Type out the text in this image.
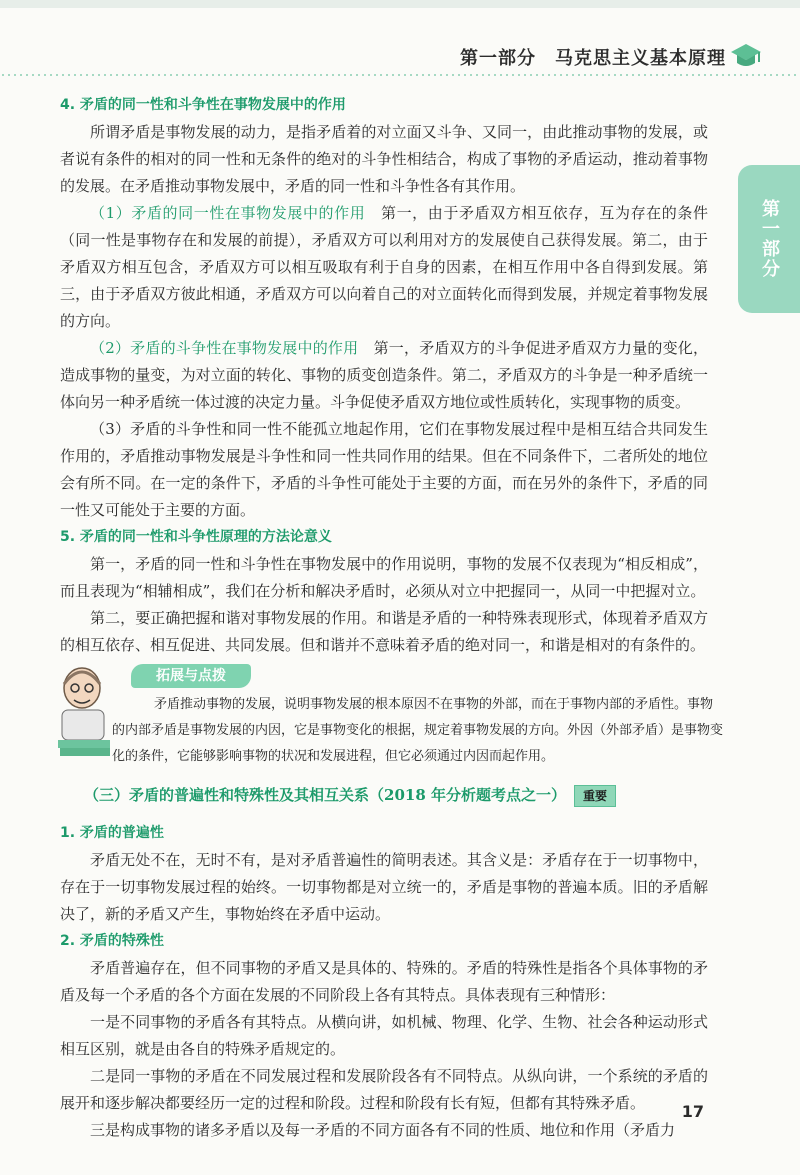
第一部分　马克思主义基本原理
第一部分
4. 矛盾的同一性和斗争性在事物发展中的作用

所谓矛盾是事物发展的动力，是指矛盾着的对立面又斗争、又同一，由此推动事物的发展，或者说有条件的相对的同一性和无条件的绝对的斗争性相结合，构成了事物的矛盾运动，推动着事物的发展。在矛盾推动事物发展中，矛盾的同一性和斗争性各有其作用。

（1）矛盾的同一性在事物发展中的作用　 第一，由于矛盾双方相互依存，互为存在的条件（同一性是事物存在和发展的前提），矛盾双方可以利用对方的发展使自己获得发展。第二，由于矛盾双方相互包含，矛盾双方可以相互吸取有利于自身的因素，在相互作用中各自得到发展。第三，由于矛盾双方彼此相通，矛盾双方可以向着自己的对立面转化而得到发展，并规定着事物发展的方向。

（2）矛盾的斗争性在事物发展中的作用　 第一，矛盾双方的斗争促进矛盾双方力量的变化，造成事物的量变，为对立面的转化、事物的质变创造条件。第二，矛盾双方的斗争是一种矛盾统一体向另一种矛盾统一体过渡的决定力量。斗争促使矛盾双方地位或性质转化，实现事物的质变。

（3）矛盾的斗争性和同一性不能孤立地起作用，它们在事物发展过程中是相互结合共同发生作用的，矛盾推动事物发展是斗争性和同一性共同作用的结果。但在不同条件下，二者所处的地位会有所不同。在一定的条件下，矛盾的斗争性可能处于主要的方面，而在另外的条件下，矛盾的同一性又可能处于主要的方面。

5. 矛盾的同一性和斗争性原理的方法论意义

第一，矛盾的同一性和斗争性在事物发展中的作用说明，事物的发展不仅表现为“相反相成”，而且表现为“相辅相成”，我们在分析和解决矛盾时，必须从对立中把握同一，从同一中把握对立。

第二，要正确把握和谐对事物发展的作用。和谐是矛盾的一种特殊表现形式，体现着矛盾双方的相互依存、相互促进、共同发展。但和谐并不意味着矛盾的绝对同一，和谐是相对的有条件的。

拓展与点拨
矛盾推动事物的发展，说明事物发展的根本原因不在事物的外部，而在于事物内部的矛盾性。事物的内部矛盾是事物发展的内因，它是事物变化的根据，规定着事物发展的方向。外因（外部矛盾）是事物变化的条件，它能够影响事物的状况和发展进程，但它必须通过内因而起作用。
（三）矛盾的普遍性和特殊性及其相互关系（2018 年分析题考点之一） 重要
1. 矛盾的普遍性

矛盾无处不在，无时不有，是对矛盾普遍性的简明表述。其含义是：矛盾存在于一切事物中，存在于一切事物发展过程的始终。一切事物都是对立统一的，矛盾是事物的普遍本质。旧的矛盾解决了，新的矛盾又产生，事物始终在矛盾中运动。

2. 矛盾的特殊性

矛盾普遍存在，但不同事物的矛盾又是具体的、特殊的。矛盾的特殊性是指各个具体事物的矛盾及每一个矛盾的各个方面在发展的不同阶段上各有其特点。具体表现有三种情形：

一是不同事物的矛盾各有其特点。从横向讲，如机械、物理、化学、生物、社会各种运动形式相互区别，就是由各自的特殊矛盾规定的。

二是同一事物的矛盾在不同发展过程和发展阶段各有不同特点。从纵向讲，一个系统的矛盾的展开和逐步解决都要经历一定的过程和阶段。过程和阶段有长有短，但都有其特殊矛盾。

三是构成事物的诸多矛盾以及每一矛盾的不同方面各有不同的性质、地位和作用（矛盾力

17
